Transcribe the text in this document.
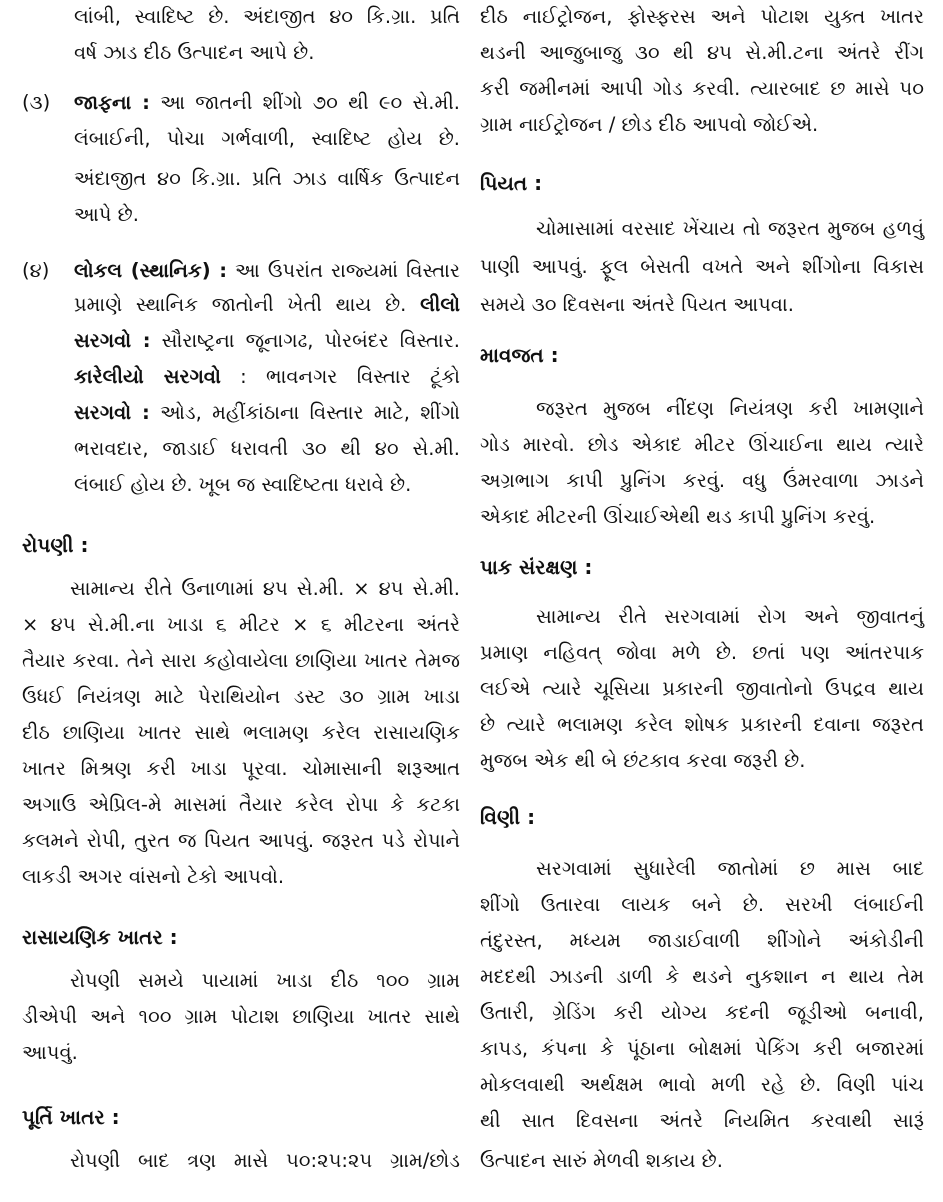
લાંબી, સ્વાદિષ્ટ છે. અંદાજીત ૪૦ કિ.ગ્રા. પ્રતિ
વર્ષ ઝાડ દીઠ ઉત્પાદન આપે છે.
(૩) જાફના : આ જાતની શીંગો ૭૦ થી ૯૦ સે.મી.
લંબાઈની, પોચા ગર્ભવાળી, સ્વાદિષ્ટ હોય છે.
અંદાજીત ૪૦ કિ.ગ્રા. પ્રતિ ઝાડ વાર્ષિક ઉત્પાદન
આપે છે.
(૪) લોકલ (સ્થાનિક) : આ ઉપરાંત રાજ્યમાં વિસ્તાર
પ્રમાણે સ્થાનિક જાતોની ખેતી થાય છે. લીલો
સરગવો : સૌરાષ્ટ્રના જૂનાગઢ, પોરબંદર વિસ્તાર.
કારેલીયો સરગવો : ભાવનગર વિસ્તાર ટૂંકો
સરગવો : ઓડ, મહીંકાંઠાના વિસ્તાર માટે, શીંગો
ભરાવદાર, જાડાઈ ધરાવતી ૩૦ થી ૪૦ સે.મી.
લંબાઈ હોય છે. ખૂબ જ સ્વાદિષ્ટતા ધરાવે છે.
રોપણી :
સામાન્ય રીતે ઉનાળામાં ૪૫ સે.મી. × ૪૫ સે.મી.
× ૪૫ સે.મી.ના ખાડા ૬ મીટર × ૬ મીટરના અંતરે
તૈયાર કરવા. તેને સારા કહોવાયેલા છાણિયા ખાતર તેમજ
ઉધઈ નિયંત્રણ માટે પેરાથિયોન ડસ્ટ ૩૦ ગ્રામ ખાડા
દીઠ છાણિયા ખાતર સાથે ભલામણ કરેલ રાસાયણિક
ખાતર મિશ્રણ કરી ખાડા પૂરવા. ચોમાસાની શરૂઆત
અગાઉ એપ્રિલ-મે માસમાં તૈયાર કરેલ રોપા કે કટકા
કલમને રોપી, તુરત જ પિયત આપવું. જરૂરત પડે રોપાને
લાકડી અગર વાંસનો ટેકો આપવો.
રાસાયણિક ખાતર :
રોપણી સમયે પાયામાં ખાડા દીઠ ૧૦૦ ગ્રામ
ડીએપી અને ૧૦૦ ગ્રામ પોટાશ છાણિયા ખાતર સાથે
આપવું.
પૂર્તિ ખાતર :
રોપણી બાદ ત્રણ માસે ૫૦:૨૫:૨૫ ગ્રામ/છોડ
દીઠ નાઈટ્રોજન, ફોસ્ફરસ અને પોટાશ યુક્ત ખાતર
થડની આજુબાજુ ૩૦ થી ૪૫ સે.મી.ટના અંતરે રીંગ
કરી જમીનમાં આપી ગોડ કરવી. ત્યારબાદ છ માસે ૫૦
ગ્રામ નાઈટ્રોજન / છોડ દીઠ આપવો જોઈએ.
પિયત :
ચોમાસામાં વરસાદ ખેંચાય તો જરૂરત મુજબ હળવું
પાણી આપવું. ફૂલ બેસતી વખતે અને શીંગોના વિકાસ
સમયે ૩૦ દિવસના અંતરે પિયત આપવા.
માવજત :
જરૂરત મુજબ નીંદણ નિયંત્રણ કરી ખામણાને
ગોડ મારવો. છોડ એકાદ મીટર ઊંચાઈના થાય ત્યારે
અગ્રભાગ કાપી પ્રુનિંગ કરવું. વધુ ઉંમરવાળા ઝાડને
એકાદ મીટરની ઊંચાઈએથી થડ કાપી પ્રુનિંગ કરવું.
પાક સંરક્ષણ :
સામાન્ય રીતે સરગવામાં રોગ અને જીવાતનું
પ્રમાણ નહિવત્ જોવા મળે છે. છતાં પણ આંતરપાક
લઈએ ત્યારે ચૂસિયા પ્રકારની જીવાતોનો ઉપદ્રવ થાય
છે ત્યારે ભલામણ કરેલ શોષક પ્રકારની દવાના જરૂરત
મુજબ એક થી બે છંટકાવ કરવા જરૂરી છે.
વિણી :
સરગવામાં સુધારેલી જાતોમાં છ માસ બાદ
શીંગો ઉતારવા લાયક બને છે. સરખી લંબાઈની
તંદુરસ્ત, મધ્યમ જાડાઈવાળી શીંગોને અંકોડીની
મદદથી ઝાડની ડાળી કે થડને નુકશાન ન થાય તેમ
ઉતારી, ગ્રેડિંગ કરી યોગ્ય કદની જૂડીઓ બનાવી,
કાપડ, કંપના કે પૂંઠાના બોક્ષમાં પેકિંગ કરી બજારમાં
મોકલવાથી અર્થક્ષમ ભાવો મળી રહે છે. વિણી પાંચ
થી સાત દિવસના અંતરે નિયમિત કરવાથી સારૂં
ઉત્પાદન સારું મેળવી શકાય છે.
